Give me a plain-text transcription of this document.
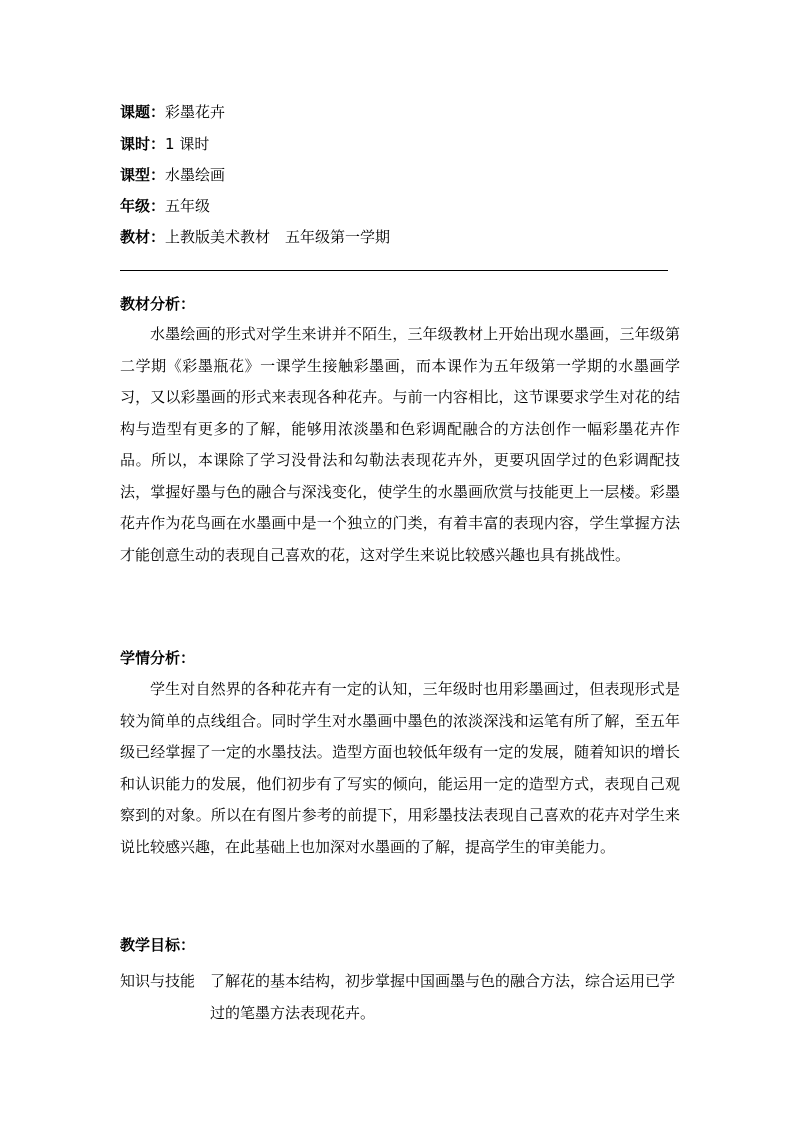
课题：彩墨花卉
课时：1 课时
课型：水墨绘画
年级：五年级
教材：上教版美术教材　五年级第一学期
教材分析：

水墨绘画的形式对学生来讲并不陌生，三年级教材上开始出现水墨画，三年级第二学期《彩墨瓶花》一课学生接触彩墨画，而本课作为五年级第一学期的水墨画学习，又以彩墨画的形式来表现各种花卉。与前一内容相比，这节课要求学生对花的结构与造型有更多的了解，能够用浓淡墨和色彩调配融合的方法创作一幅彩墨花卉作品。所以，本课除了学习没骨法和勾勒法表现花卉外，更要巩固学过的色彩调配技法，掌握好墨与色的融合与深浅变化，使学生的水墨画欣赏与技能更上一层楼。彩墨花卉作为花鸟画在水墨画中是一个独立的门类，有着丰富的表现内容，学生掌握方法才能创意生动的表现自己喜欢的花，这对学生来说比较感兴趣也具有挑战性。

学情分析：

学生对自然界的各种花卉有一定的认知，三年级时也用彩墨画过，但表现形式是较为简单的点线组合。同时学生对水墨画中墨色的浓淡深浅和运笔有所了解，至五年级已经掌握了一定的水墨技法。造型方面也较低年级有一定的发展，随着知识的增长和认识能力的发展，他们初步有了写实的倾向，能运用一定的造型方式，表现自己观察到的对象。所以在有图片参考的前提下，用彩墨技法表现自己喜欢的花卉对学生来说比较感兴趣，在此基础上也加深对水墨画的了解，提高学生的审美能力。

教学目标：
知识与技能 了解花的基本结构，初步掌握中国画墨与色的融合方法，综合运用已学过的笔墨方法表现花卉。
